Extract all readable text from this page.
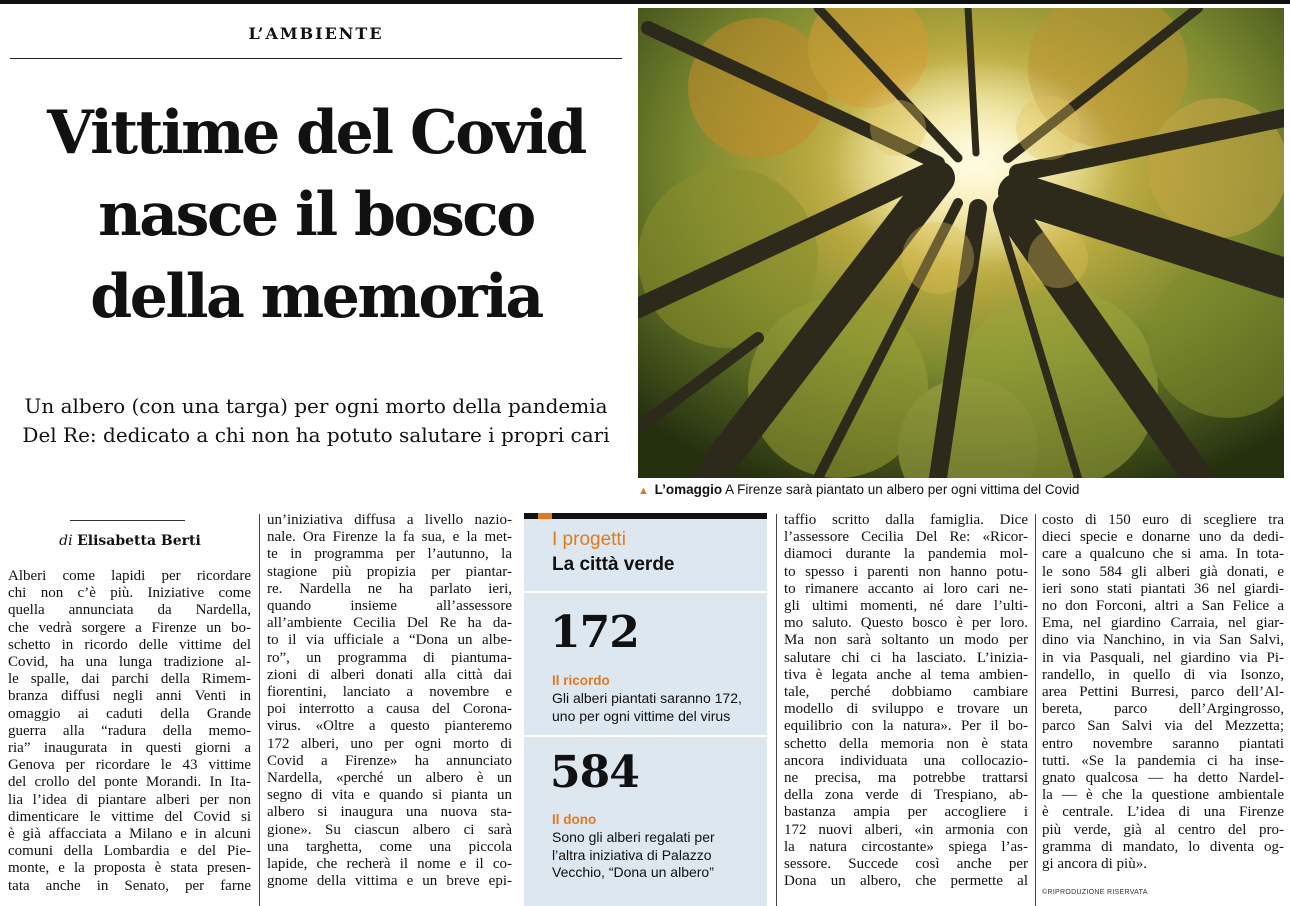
L’AMBIENTE
Vittime del Covid
nasce il bosco
della memoria
Un albero (con una targa) per ogni morto della pandemia
Del Re: dedicato a chi non ha potuto salutare i propri cari
▲ L’omaggio A Firenze sarà piantato un albero per ogni vittima del Covid
di Elisabetta Berti
Alberi come lapidi per ricordare
chi non c’è più. Iniziative come
quella annunciata da Nardella,
che vedrà sorgere a Firenze un bo-
schetto in ricordo delle vittime del
Covid, ha una lunga tradizione al-
le spalle, dai parchi della Rimem-
branza diffusi negli anni Venti in
omaggio ai caduti della Grande
guerra alla “radura della memo-
ria” inaugurata in questi giorni a
Genova per ricordare le 43 vittime
del crollo del ponte Morandi. In Ita-
lia l’idea di piantare alberi per non
dimenticare le vittime del Covid si
è già affacciata a Milano e in alcuni
comuni della Lombardia e del Pie-
monte, e la proposta è stata presen-
tata anche in Senato, per farne
un’iniziativa diffusa a livello nazio-
nale. Ora Firenze la fa sua, e la met-
te in programma per l’autunno, la
stagione più propizia per piantar-
re. Nardella ne ha parlato ieri,
quando insieme all’assessore
all’ambiente Cecilia Del Re ha da-
to il via ufficiale a “Dona un albe-
ro”, un programma di piantuma-
zioni di alberi donati alla città dai
fiorentini, lanciato a novembre e
poi interrotto a causa del Corona-
virus. «Oltre a questo pianteremo
172 alberi, uno per ogni morto di
Covid a Firenze» ha annunciato
Nardella, «perché un albero è un
segno di vita e quando si pianta un
albero si inaugura una nuova sta-
gione». Su ciascun albero ci sarà
una targhetta, come una piccola
lapide, che recherà il nome e il co-
gnome della vittima e un breve epi-
I progetti
La città verde
172
Il ricordo
Gli alberi piantati saranno 172,
uno per ogni vittime del virus
584
Il dono
Sono gli alberi regalati per
l’altra iniziativa di Palazzo
Vecchio, “Dona un albero”
taffio scritto dalla famiglia. Dice
l’assessore Cecilia Del Re: «Ricor-
diamoci durante la pandemia mol-
to spesso i parenti non hanno potu-
to rimanere accanto ai loro cari ne-
gli ultimi momenti, né dare l’ulti-
mo saluto. Questo bosco è per loro.
Ma non sarà soltanto un modo per
salutare chi ci ha lasciato. L’inizia-
tiva è legata anche al tema ambien-
tale, perché dobbiamo cambiare
modello di sviluppo e trovare un
equilibrio con la natura». Per il bo-
schetto della memoria non è stata
ancora individuata una collocazio-
ne precisa, ma potrebbe trattarsi
della zona verde di Trespiano, ab-
bastanza ampia per accogliere i
172 nuovi alberi, «in armonia con
la natura circostante» spiega l’as-
sessore. Succede così anche per
Dona un albero, che permette al
costo di 150 euro di scegliere tra
dieci specie e donarne uno da dedi-
care a qualcuno che si ama. In tota-
le sono 584 gli alberi già donati, e
ieri sono stati piantati 36 nel giardi-
no don Forconi, altri a San Felice a
Ema, nel giardino Carraia, nel giar-
dino via Nanchino, in via San Salvi,
in via Pasquali, nel giardino via Pi-
randello, in quello di via Isonzo,
area Pettini Burresi, parco dell’Al-
bereta, parco dell’Argingrosso,
parco San Salvi via del Mezzetta;
entro novembre saranno piantati
tutti. «Se la pandemia ci ha inse-
gnato qualcosa — ha detto Nardel-
la — è che la questione ambientale
è centrale. L’idea di una Firenze
più verde, già al centro del pro-
gramma di mandato, lo diventa og-
gi ancora di più».
©RIPRODUZIONE RISERVATA
